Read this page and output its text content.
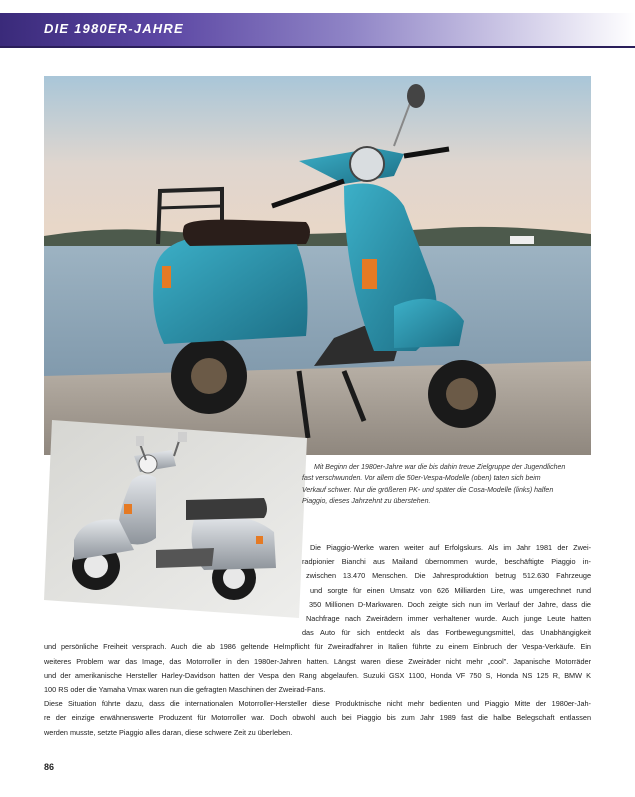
DIE 1980ER-JAHRE

Mit Beginn der 1980er-Jahre war die bis dahin treue Zielgruppe der Jugendlichen

fast verschwunden. Vor allem die 50er-Vespa-Modelle (oben) taten sich beim

Verkauf schwer. Nur die größeren PK- und später die Cosa-Modelle (links) halfen

Piaggio, dieses Jahrzehnt zu überstehen.

Die Piaggio-Werke waren weiter auf Erfolgskurs. Als im Jahr 1981 der Zwei-
radpionier Bianchi aus Mailand übernommen wurde, beschäftigte Piaggio in-
zwischen 13.470 Menschen. Die Jahresproduktion betrug 512.630 Fahrzeuge
und sorgte für einen Umsatz von 626 Milliarden Lire, was umgerechnet rund
350 Millionen D-Markwaren. Doch zeigte sich nun im Verlauf der Jahre, dass die
Nachfrage nach Zweirädern immer verhaltener wurde. Auch junge Leute hatten
das Auto für sich entdeckt als das Fortbewegungsmittel, das Unabhängigkeit
und persönliche Freiheit versprach. Auch die ab 1986 geltende Helmpflicht für Zweiradfahrer in Italien führte zu einem Einbruch der Vespa-Verkäufe. Ein
weiteres Problem war das Image, das Motorroller in den 1980er-Jahren hatten. Längst waren diese Zweiräder nicht mehr „cool". Japanische Motorräder
und der amerikanische Hersteller Harley-Davidson hatten der Vespa den Rang abgelaufen. Suzuki GSX 1100, Honda VF 750 S, Honda NS 125 R, BMW K
100 RS oder die Yamaha Vmax waren nun die gefragten Maschinen der Zweirad-Fans.
Diese Situation führte dazu, dass die internationalen Motorroller-Hersteller diese Produktnische nicht mehr bedienten und Piaggio Mitte der 1980er-Jah-
re der einzige erwähnenswerte Produzent für Motorroller war. Doch obwohl auch bei Piaggio bis zum Jahr 1989 fast die halbe Belegschaft entlassen
werden musste, setzte Piaggio alles daran, diese schwere Zeit zu überleben.
86
